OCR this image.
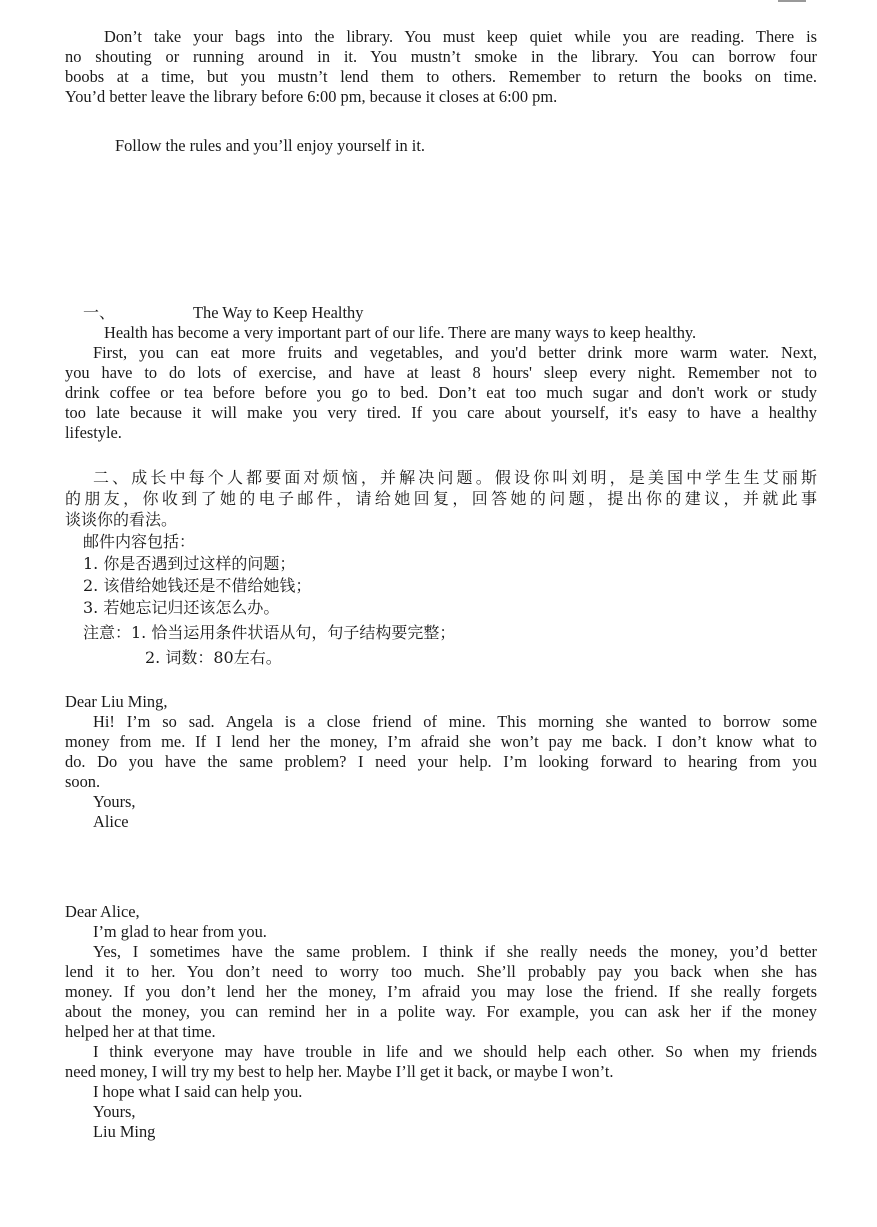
Don’t take your bags into the library. You must keep quiet while you are reading. There is
no shouting or running around in it. You mustn’t smoke in the library. You can borrow four
boobs at a time, but you mustn’t lend them to others. Remember to return the books on time.
You’d better leave the library before 6:00 pm, because it closes at 6:00 pm.
Follow the rules and you’ll enjoy yourself in it.
一、	The Way to Keep Healthy
Health has become a very important part of our life. There are many ways to keep healthy.
First, you can eat more fruits and vegetables, and you'd better drink more warm water. Next,
you have to do lots of exercise, and have at least 8 hours' sleep every night. Remember not to
drink coffee or tea before before you go to bed. Don’t eat too much sugar and don't work or study
too late because it will make you very tired. If you care about yourself, it's easy to have a healthy
lifestyle.
二、成长中每个人都要面对烦恼，并解决问题。假设你叫刘明，是美国中学生生艾丽斯
的朋友，你收到了她的电子邮件，请给她回复，回答她的问题，提出你的建议，并就此事
谈谈你的看法。
邮件内容包括：
1. 你是否遇到过这样的问题；
2. 该借给她钱还是不借给她钱；
3. 若她忘记归还该怎么办。
注意：1. 恰当运用条件状语从句，句子结构要完整；
2. 词数：80左右。
Dear Liu Ming,
Hi! I’m so sad. Angela is a close friend of mine. This morning she wanted to borrow some
money from me. If I lend her the money, I’m afraid she won’t pay me back. I don’t know what to
do. Do you have the same problem? I need your help. I’m looking forward to hearing from you
soon.
Yours,
Alice
Dear Alice,
I’m glad to hear from you.
Yes, I sometimes have the same problem. I think if she really needs the money, you’d better
lend it to her. You don’t need to worry too much. She’ll probably pay you back when she has
money. If you don’t lend her the money, I’m afraid you may lose the friend. If she really forgets
about the money, you can remind her in a polite way. For example, you can ask her if the money
helped her at that time.
I think everyone may have trouble in life and we should help each other. So when my friends
need money, I will try my best to help her. Maybe I’ll get it back, or maybe I won’t.
I hope what I said can help you.
Yours,
Liu Ming
